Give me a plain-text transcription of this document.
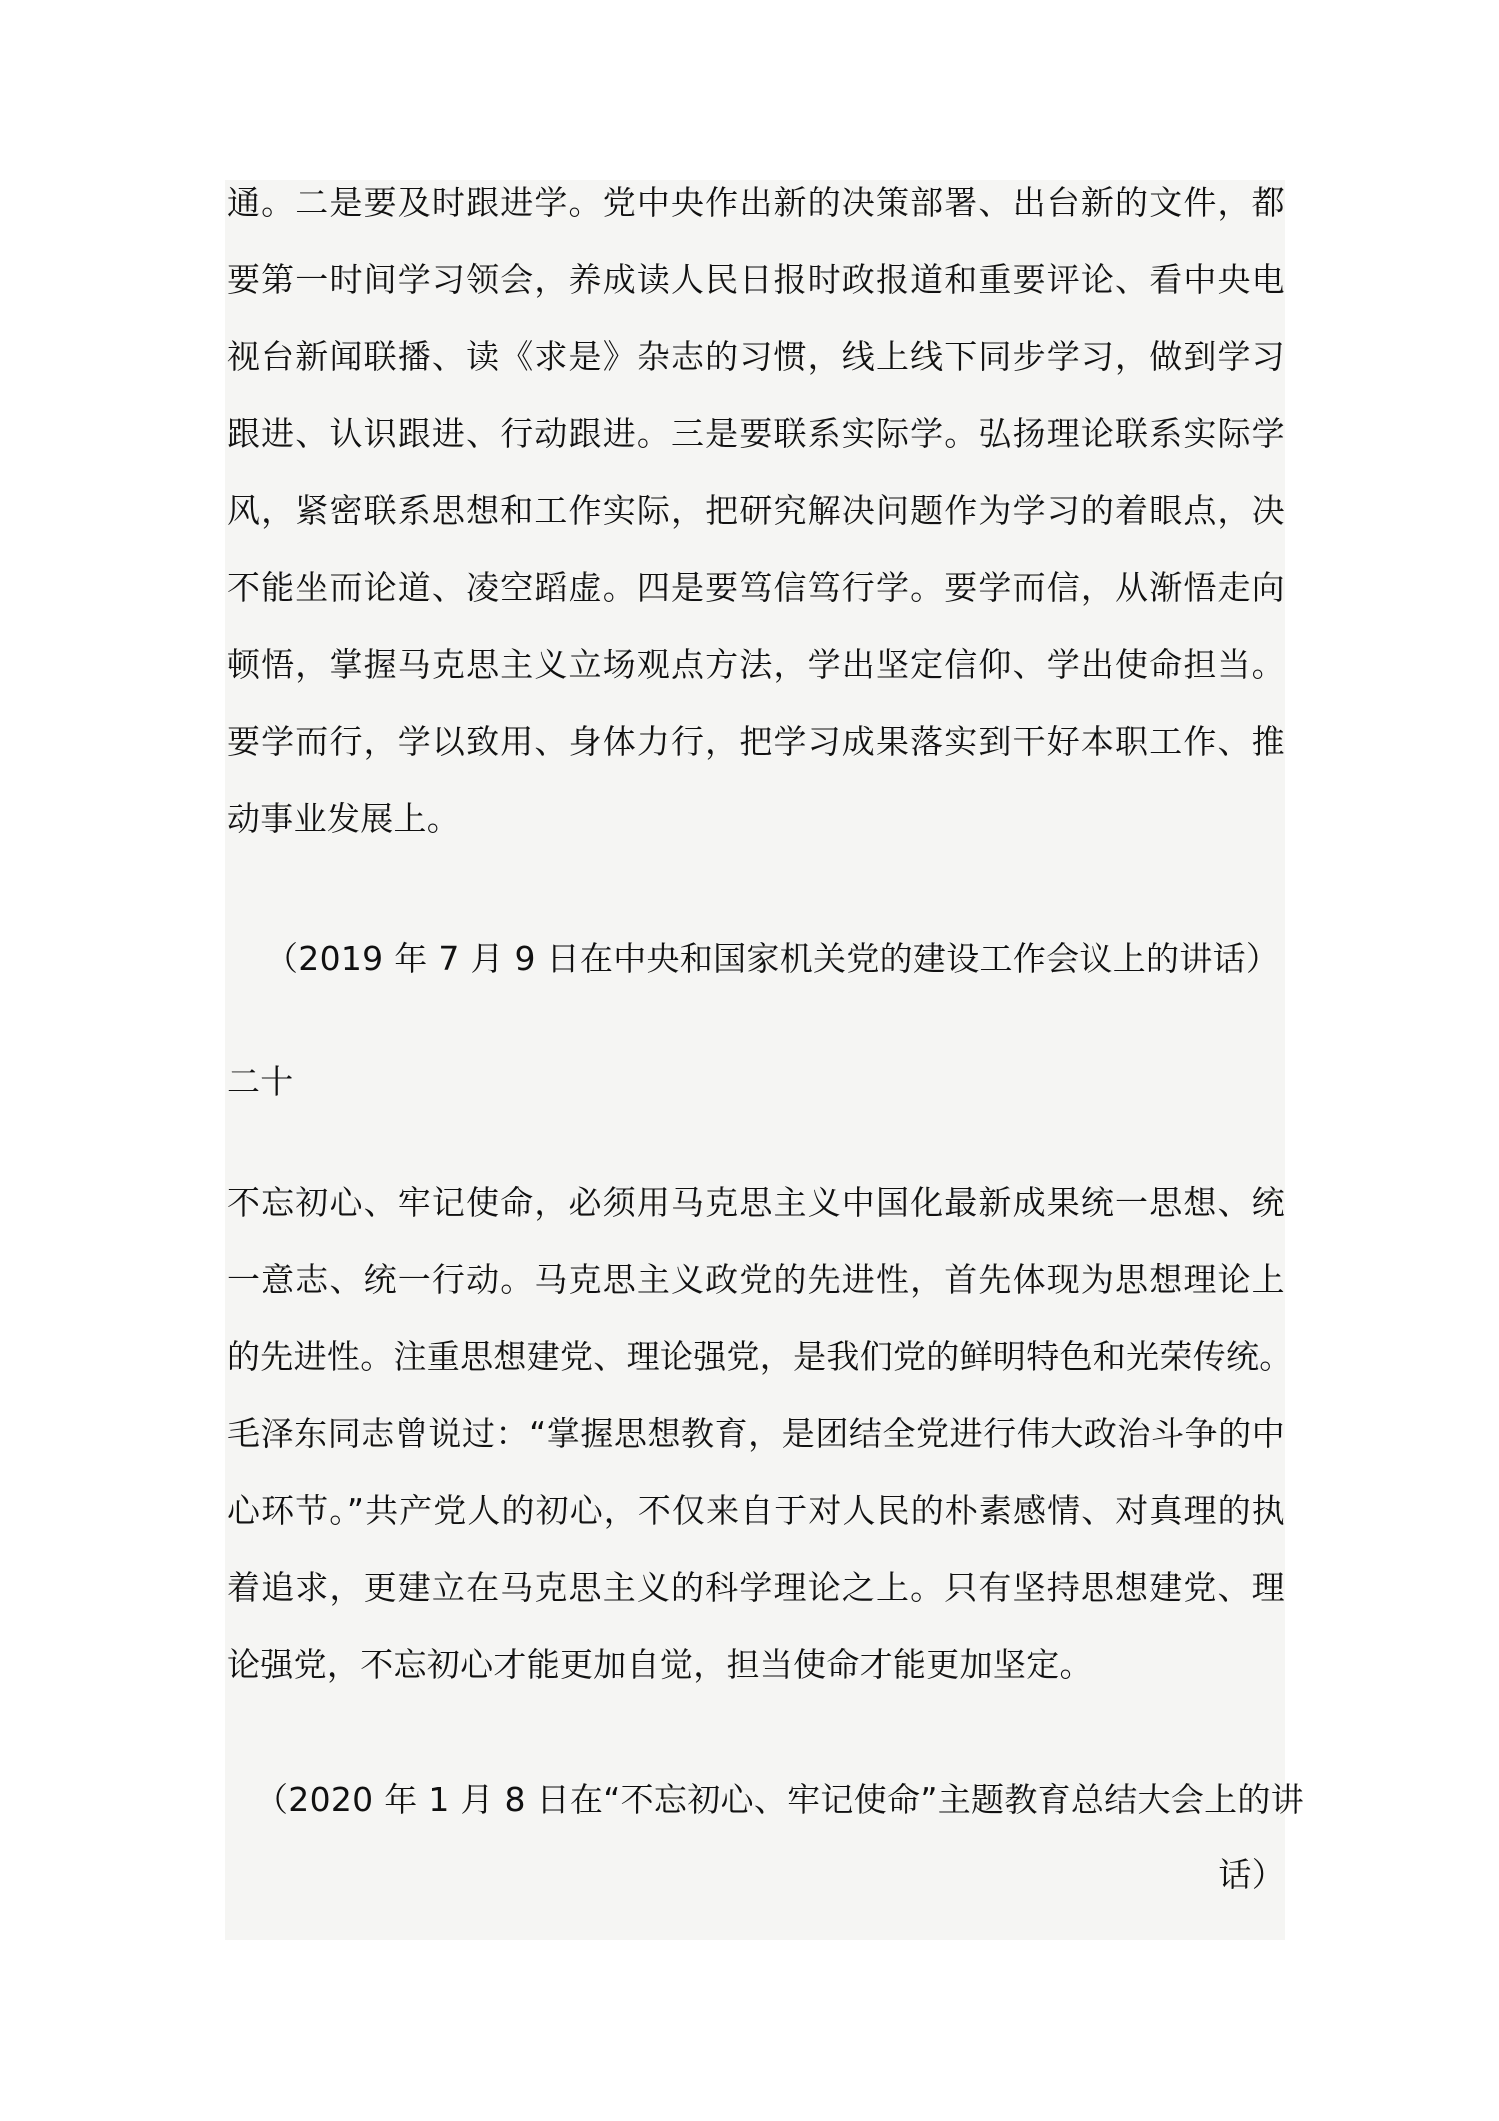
通。二是要及时跟进学。党中央作出新的决策部署、出台新的文件，都
要第一时间学习领会，养成读人民日报时政报道和重要评论、看中央电
视台新闻联播、读《求是》杂志的习惯，线上线下同步学习，做到学习
跟进、认识跟进、行动跟进。三是要联系实际学。弘扬理论联系实际学
风，紧密联系思想和工作实际，把研究解决问题作为学习的着眼点，决
不能坐而论道、凌空蹈虚。四是要笃信笃行学。要学而信，从渐悟走向
顿悟，掌握马克思主义立场观点方法，学出坚定信仰、学出使命担当。
要学而行，学以致用、身体力行，把学习成果落实到干好本职工作、推
动事业发展上。
（2019 年 7 月 9 日在中央和国家机关党的建设工作会议上的讲话）
二十
不忘初心、牢记使命，必须用马克思主义中国化最新成果统一思想、统
一意志、统一行动。马克思主义政党的先进性，首先体现为思想理论上
的先进性。注重思想建党、理论强党，是我们党的鲜明特色和光荣传统。
毛泽东同志曾说过：“掌握思想教育，是团结全党进行伟大政治斗争的中
心环节。”共产党人的初心，不仅来自于对人民的朴素感情、对真理的执
着追求，更建立在马克思主义的科学理论之上。只有坚持思想建党、理
论强党，不忘初心才能更加自觉，担当使命才能更加坚定。
（2020 年 1 月 8 日在“不忘初心、牢记使命”主题教育总结大会上的讲
话）
